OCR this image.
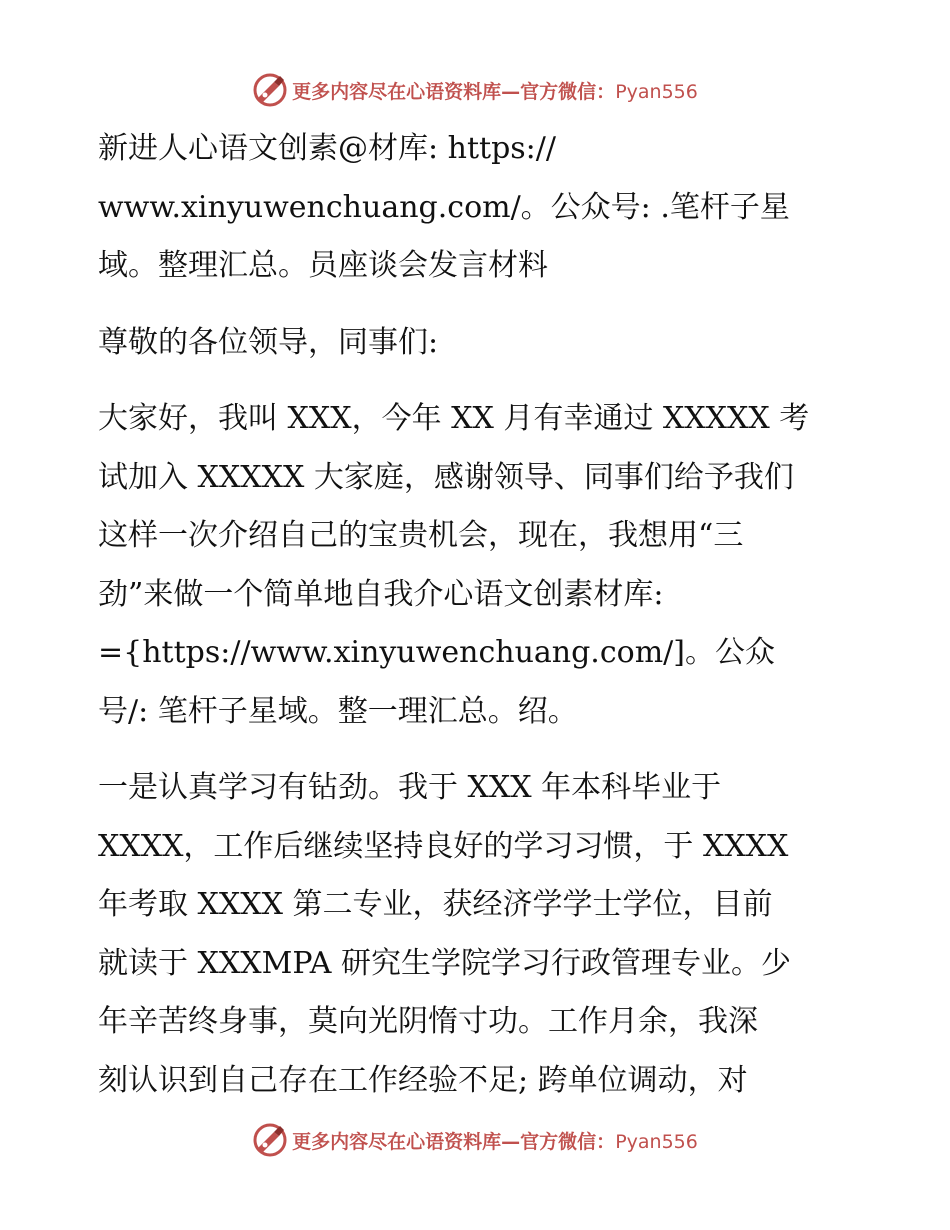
更多内容尽在心语资料库—官方微信：Pyan556
新进人心语文创素@材库: https://
www.xinyuwenchuang.com/。公众号: .笔杆子星
域。整理汇总。员座谈会发言材料
尊敬的各位领导，同事们:
大家好，我叫 XXX，今年 XX 月有幸通过 XXXXX 考
试加入 XXXXX 大家庭，感谢领导、同事们给予我们
这样一次介绍自己的宝贵机会，现在，我想用“三
劲”来做一个简单地自我介心语文创素材库:
={https://www.xinyuwenchuang.com/]。公众
号/: 笔杆子星域。整一理汇总。绍。
一是认真学习有钻劲。我于 XXX 年本科毕业于
XXXX，工作后继续坚持良好的学习习惯，于 XXXX
年考取 XXXX 第二专业，获经济学学士学位，目前
就读于 XXXMPA 研究生学院学习行政管理专业。少
年辛苦终身事，莫向光阴惰寸功。工作月余，我深
刻认识到自己存在工作经验不足; 跨单位调动，对
更多内容尽在心语资料库—官方微信：Pyan556
